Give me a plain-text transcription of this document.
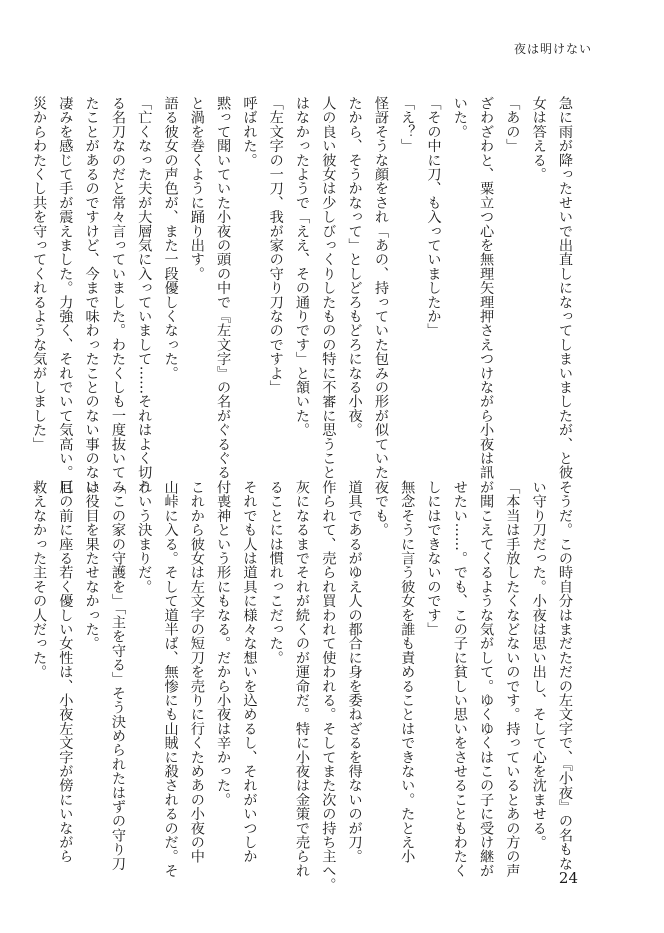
夜は明けない
急に雨が降ったせいで出直しになってしまいましたが、と彼
女は答える。
「あの」
ざわざわと、粟立つ心を無理矢理押さえつけながら小夜は訊
いた。
「その中に刀、も入っていましたか」
「え？」
怪訝そうな顔をされ「あの、持っていた包みの形が似ていた
たから、そうかなって」としどろもどろになる小夜。
人の良い彼女は少しびっくりしたものの特に不審に思うこと
はなかったようで「ええ、その通りです」と頷いた。
「左文字の一刀、我が家の守り刀なのですよ」
呼ばれた。
黙って聞いていた小夜の頭の中で『左文字』の名がぐるぐる
と渦を巻くように踊り出す。
語る彼女の声色が、また一段優しくなった。
「亡くなった夫が大層気に入っていまして……それはよく切れ
る名刀なのだと常々言っていました。わたくしも一度抜いてみ
たことがあるのですけど、今まで味わったことのない事のない
凄みを感じて手が震えました。力強く、それでいて気高い。厄
災からわたくし共を守ってくれるような気がしました」
そうだ。この時自分はまだただの左文字で、『小夜』の名もな
い守り刀だった。小夜は思い出し、そして心を沈ませる。
「本当は手放したくなどないのです。持っているとあの方の声
が聞こえてくるような気がして。ゆくゆくはこの子に受け継が
せたい……。でも、この子に貧しい思いをさせることもわたく
しにはできないのです」
無念そうに言う彼女を誰も責めることはできない。たとえ小
夜でも。
道具であるがゆえ人の都合に身を委ねざるを得ないのが刀。
作られて、売られ買われて使われる。そしてまた次の持ち主へ。
灰になるまでそれが続くのが運命だ。特に小夜は金策で売られ
ることには慣れっこだった。
それでも人は道具に様々な想いを込めるし、それがいつしか
付喪神という形にもなる。だから小夜は辛かった。
これから彼女は左文字の短刀を売りに行くためあの小夜の中
山峠に入る。そして道半ば、無惨にも山賊に殺されるのだ。そ
ういう決まりだ。
「この家の守護を」「主を守る」そう決められたはずの守り刀
は役目を果たせなかった。
目の前に座る若く優しい女性は、小夜左文字が傍にいながら
救えなかった主その人だった。
24
